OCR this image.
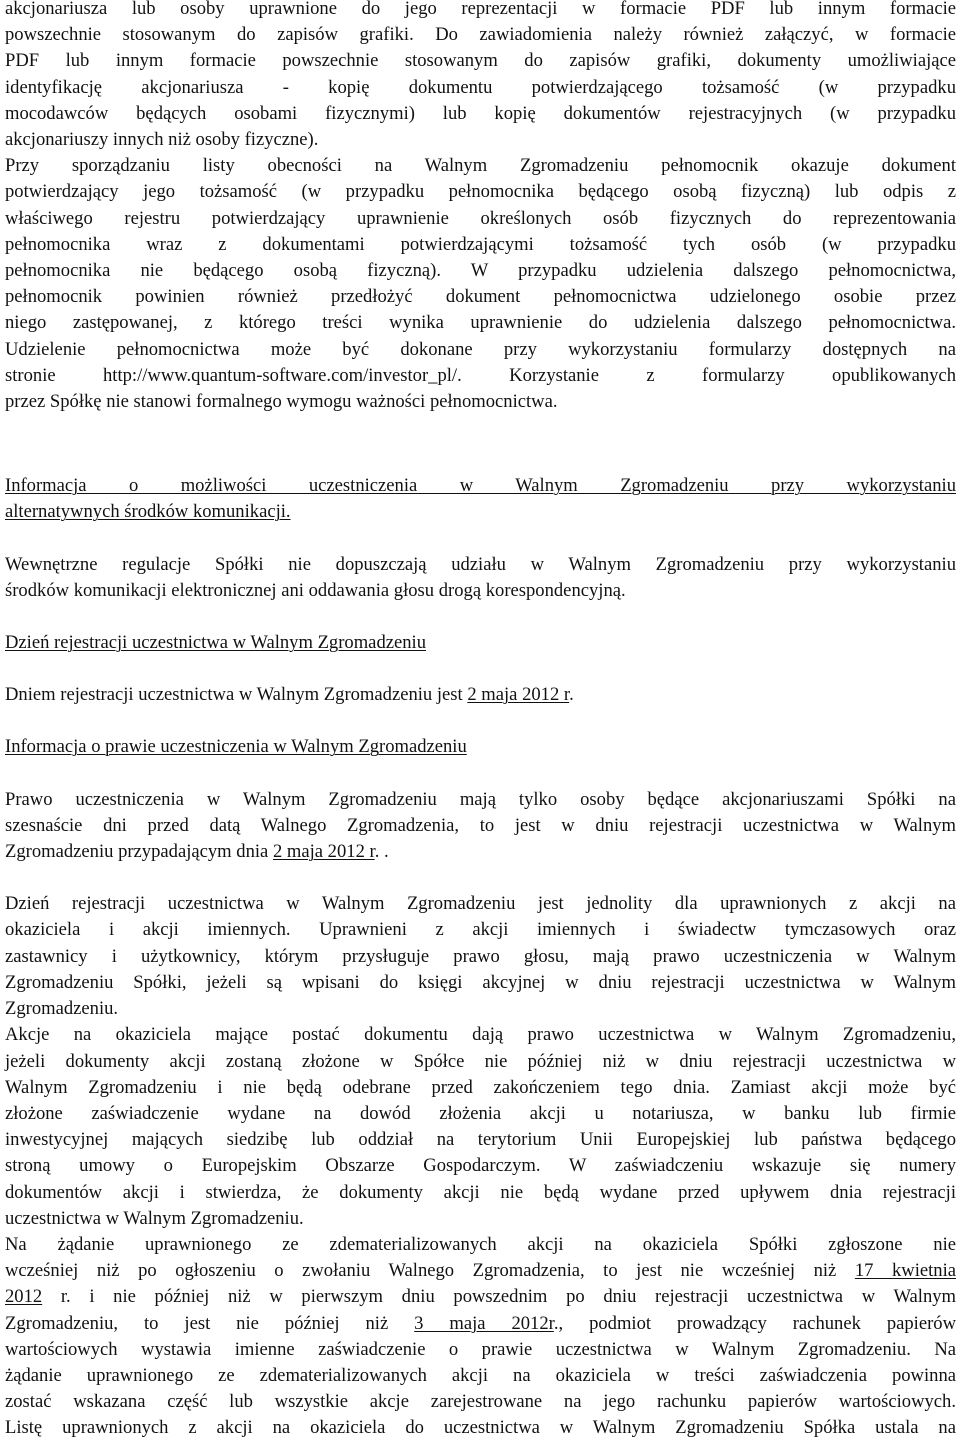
akcjonariusza lub osoby uprawnione do jego reprezentacji w formacie PDF lub innym formacie
powszechnie stosowanym do zapisów grafiki. Do zawiadomienia należy również załączyć, w formacie
PDF lub innym formacie powszechnie stosowanym do zapisów grafiki, dokumenty umożliwiające
identyfikację akcjonariusza - kopię dokumentu potwierdzającego tożsamość (w przypadku
mocodawców będących osobami fizycznymi) lub kopię dokumentów rejestracyjnych (w przypadku
akcjonariuszy innych niż osoby fizyczne).

Przy sporządzaniu listy obecności na Walnym Zgromadzeniu pełnomocnik okazuje dokument
potwierdzający jego tożsamość (w przypadku pełnomocnika będącego osobą fizyczną) lub odpis z
właściwego rejestru potwierdzający uprawnienie określonych osób fizycznych do reprezentowania
pełnomocnika wraz z dokumentami potwierdzającymi tożsamość tych osób (w przypadku
pełnomocnika nie będącego osobą fizyczną). W przypadku udzielenia dalszego pełnomocnictwa,
pełnomocnik powinien również przedłożyć dokument pełnomocnictwa udzielonego osobie przez
niego zastępowanej, z którego treści wynika uprawnienie do udzielenia dalszego pełnomocnictwa.
Udzielenie pełnomocnictwa może być dokonane przy wykorzystaniu formularzy dostępnych na
stronie http://www.quantum-software.com/investor_pl/. Korzystanie z formularzy opublikowanych
przez Spółkę nie stanowi formalnego wymogu ważności pełnomocnictwa.

Informacja o możliwości uczestniczenia w Walnym Zgromadzeniu przy wykorzystaniu
alternatywnych środków komunikacji.

Wewnętrzne regulacje Spółki nie dopuszczają udziału w Walnym Zgromadzeniu przy wykorzystaniu
środków komunikacji elektronicznej ani oddawania głosu drogą korespondencyjną.

Dzień rejestracji uczestnictwa w Walnym Zgromadzeniu

Dniem rejestracji uczestnictwa w Walnym Zgromadzeniu jest 2 maja 2012 r.

Informacja o prawie uczestniczenia w Walnym Zgromadzeniu

Prawo uczestniczenia w Walnym Zgromadzeniu mają tylko osoby będące akcjonariuszami Spółki na
szesnaście dni przed datą Walnego Zgromadzenia, to jest w dniu rejestracji uczestnictwa w Walnym
Zgromadzeniu przypadającym dnia 2 maja 2012 r. .

Dzień rejestracji uczestnictwa w Walnym Zgromadzeniu jest jednolity dla uprawnionych z akcji na
okaziciela i akcji imiennych. Uprawnieni z akcji imiennych i świadectw tymczasowych oraz
zastawnicy i użytkownicy, którym przysługuje prawo głosu, mają prawo uczestniczenia w Walnym
Zgromadzeniu Spółki, jeżeli są wpisani do księgi akcyjnej w dniu rejestracji uczestnictwa w Walnym
Zgromadzeniu.

Akcje na okaziciela mające postać dokumentu dają prawo uczestnictwa w Walnym Zgromadzeniu,
jeżeli dokumenty akcji zostaną złożone w Spółce nie później niż w dniu rejestracji uczestnictwa w
Walnym Zgromadzeniu i nie będą odebrane przed zakończeniem tego dnia. Zamiast akcji może być
złożone zaświadczenie wydane na dowód złożenia akcji u notariusza, w banku lub firmie
inwestycyjnej mających siedzibę lub oddział na terytorium Unii Europejskiej lub państwa będącego
stroną umowy o Europejskim Obszarze Gospodarczym. W zaświadczeniu wskazuje się numery
dokumentów akcji i stwierdza, że dokumenty akcji nie będą wydane przed upływem dnia rejestracji
uczestnictwa w Walnym Zgromadzeniu.

Na żądanie uprawnionego ze zdematerializowanych akcji na okaziciela Spółki zgłoszone nie
wcześniej niż po ogłoszeniu o zwołaniu Walnego Zgromadzenia, to jest nie wcześniej niż 17 kwietnia
2012 r. i nie później niż w pierwszym dniu powszednim po dniu rejestracji uczestnictwa w Walnym
Zgromadzeniu, to jest nie później niż 3 maja 2012r., podmiot prowadzący rachunek papierów
wartościowych wystawia imienne zaświadczenie o prawie uczestnictwa w Walnym Zgromadzeniu. Na
żądanie uprawnionego ze zdematerializowanych akcji na okaziciela w treści zaświadczenia powinna
zostać wskazana część lub wszystkie akcje zarejestrowane na jego rachunku papierów wartościowych.
Listę uprawnionych z akcji na okaziciela do uczestnictwa w Walnym Zgromadzeniu Spółka ustala na
